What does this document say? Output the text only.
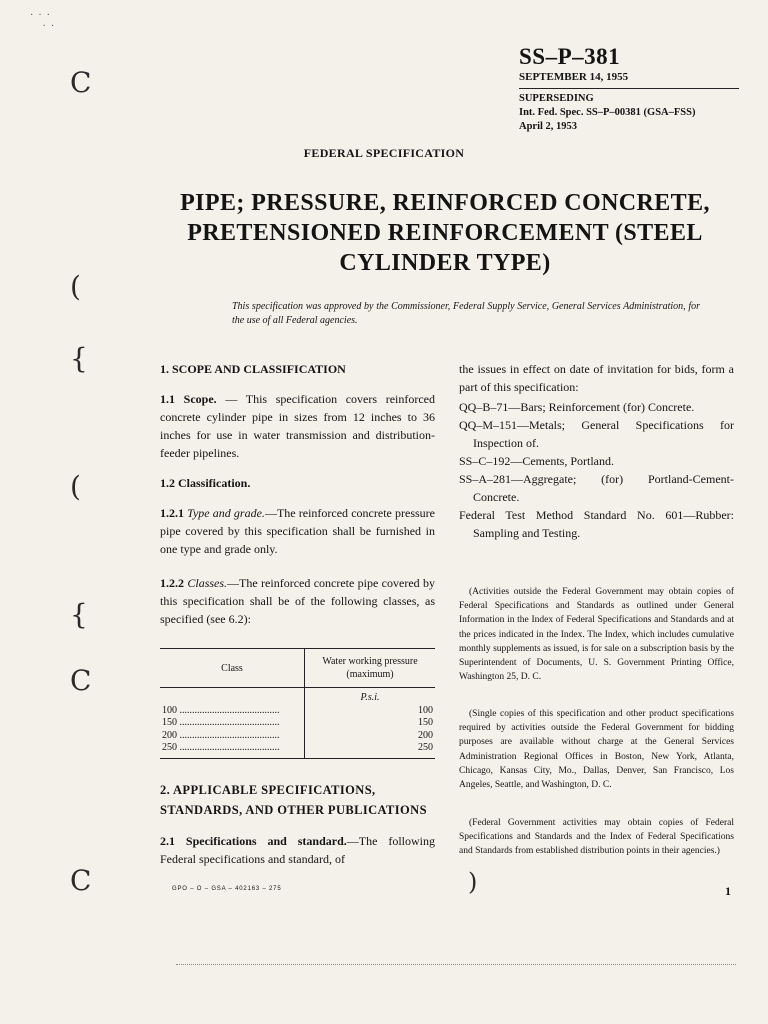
·  ·  ·
·  ·
C
(
{
(
{
C
C	)
SS–P–381
SEPTEMBER 14, 1955
SUPERSEDING
Int. Fed. Spec. SS–P–00381 (GSA–FSS)
April 2, 1953
FEDERAL SPECIFICATION
PIPE; PRESSURE, REINFORCED CONCRETE, PRETENSIONED REINFORCEMENT (STEEL CYLINDER TYPE)
This specification was approved by the Commissioner, Federal Supply Service, General Services Administration, for the use of all Federal agencies.
1. SCOPE AND CLASSIFICATION

1.1 Scope. — This specification covers reinforced concrete cylinder pipe in sizes from 12 inches to 36 inches for use in water transmission and distribution-feeder pipelines.

1.2 Classification.

1.2.1 Type and grade.—The reinforced concrete pressure pipe covered by this specification shall be furnished in one type and grade only.

1.2.2 Classes.—The reinforced concrete pipe covered by this specification shall be of the following classes, as specified (see 6.2):

Class	Water working pressure
(maximum)
	P.s.i.
100 ........................................	100
150 ........................................	150
200 ........................................	200
250 ........................................	250
2. APPLICABLE SPECIFICATIONS,
STANDARDS, AND OTHER PUBLICATIONS

2.1 Specifications and standard.—The following Federal specifications and standard, of

the issues in effect on date of invitation for bids, form a part of this specification:

QQ–B–71—Bars; Reinforcement (for) Concrete.

QQ–M–151—Metals; General Specifications for Inspection of.

SS–C–192—Cements, Portland.

SS–A–281—Aggregate; (for) Portland-Cement-Concrete.

Federal Test Method Standard No. 601—Rubber: Sampling and Testing.

(Activities outside the Federal Government may obtain copies of Federal Specifications and Standards as outlined under General Information in the Index of Federal Specifications and Standards and at the prices indicated in the Index. The Index, which includes cumulative monthly supplements as issued, is for sale on a subscription basis by the Superintendent of Documents, U. S. Government Printing Office, Washington 25, D. C.

(Single copies of this specification and other product specifications required by activities outside the Federal Government for bidding purposes are available without charge at the General Services Administration Regional Offices in Boston, New York, Atlanta, Chicago, Kansas City, Mo., Dallas, Denver, San Francisco, Los Angeles, Seattle, and Washington, D. C.

(Federal Government activities may obtain copies of Federal Specifications and Standards and the Index of Federal Specifications and Standards from established distribution points in their agencies.)

GPO – O – GSA – 402163 – 275	1
